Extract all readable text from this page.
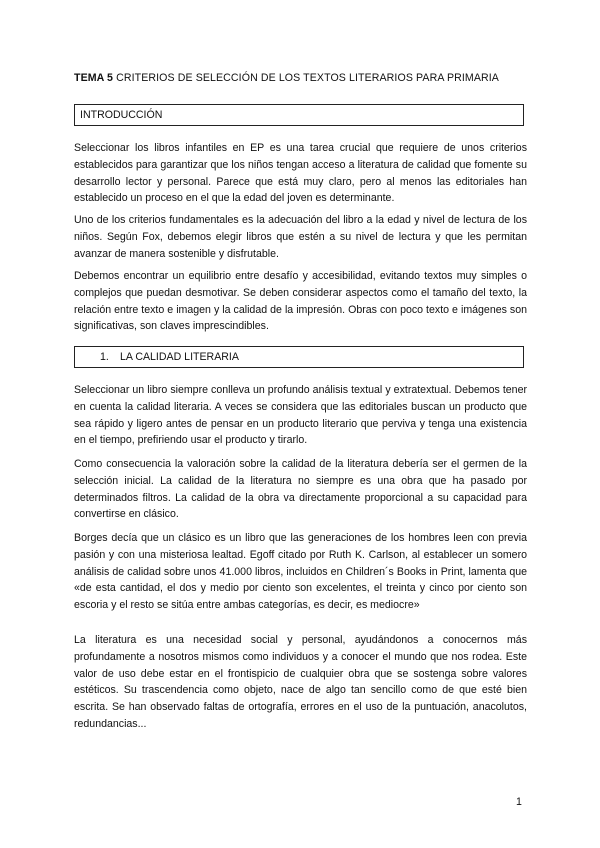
TEMA 5 CRITERIOS DE SELECCIÓN DE LOS TEXTOS LITERARIOS PARA PRIMARIA
INTRODUCCIÓN

Seleccionar los libros infantiles en EP es una tarea crucial que requiere de unos criterios establecidos para garantizar que los niños tengan acceso a literatura de calidad que fomente su desarrollo lector y personal. Parece que está muy claro, pero al menos las editoriales han establecido un proceso en el que la edad del joven es determinante.

Uno de los criterios fundamentales es la adecuación del libro a la edad y nivel de lectura de los niños. Según Fox, debemos elegir libros que estén a su nivel de lectura y que les permitan avanzar de manera sostenible y disfrutable.

Debemos encontrar un equilibrio entre desafío y accesibilidad, evitando textos muy simples o complejos que puedan desmotivar. Se deben considerar aspectos como el tamaño del texto, la relación entre texto e imagen y la calidad de la impresión. Obras con poco texto e imágenes son significativas, son claves imprescindibles.

1. LA CALIDAD LITERARIA

Seleccionar un libro siempre conlleva un profundo análisis textual y extratextual. Debemos tener en cuenta la calidad literaria. A veces se considera que las editoriales buscan un producto que sea rápido y ligero antes de pensar en un producto literario que perviva y tenga una existencia en el tiempo, prefiriendo usar el producto y tirarlo.

Como consecuencia la valoración sobre la calidad de la literatura debería ser el germen de la selección inicial. La calidad de la literatura no siempre es una obra que ha pasado por determinados filtros. La calidad de la obra va directamente proporcional a su capacidad para convertirse en clásico.

Borges decía que un clásico es un libro que las generaciones de los hombres leen con previa pasión y con una misteriosa lealtad. Egoff citado por Ruth K. Carlson, al establecer un somero análisis de calidad sobre unos 41.000 libros, incluidos en Children´s Books in Print, lamenta que «de esta cantidad, el dos y medio por ciento son excelentes, el treinta y cinco por ciento son escoria y el resto se sitúa entre ambas categorías, es decir, es mediocre»

La literatura es una necesidad social y personal, ayudándonos a conocernos más profundamente a nosotros mismos como individuos y a conocer el mundo que nos rodea. Este valor de uso debe estar en el frontispicio de cualquier obra que se sostenga sobre valores estéticos. Su trascendencia como objeto, nace de algo tan sencillo como de que esté bien escrita. Se han observado faltas de ortografía, errores en el uso de la puntuación, anacolutos, redundancias...

1
